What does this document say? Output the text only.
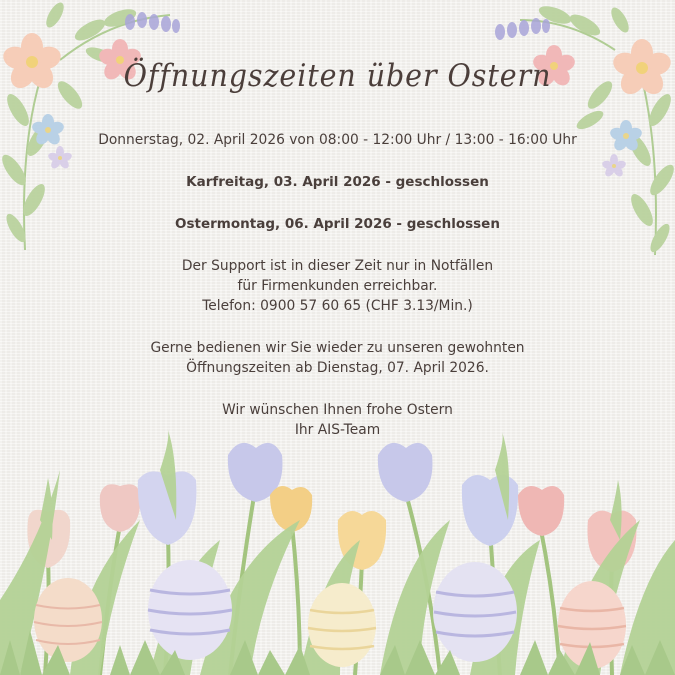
Öffnungszeiten über Ostern
Donnerstag, 02. April 2026 von 08:00 - 12:00 Uhr / 13:00 - 16:00 Uhr
Karfreitag, 03. April 2026 - geschlossen
Ostermontag, 06. April 2026 - geschlossen
Der Support ist in dieser Zeit nur in Notfällen
für Firmenkunden erreichbar.
Telefon: 0900 57 60 65 (CHF 3.13/Min.)
Gerne bedienen wir Sie wieder zu unseren gewohnten
Öffnungszeiten ab Dienstag, 07. April 2026.
Wir wünschen Ihnen frohe Ostern
Ihr AIS-Team
